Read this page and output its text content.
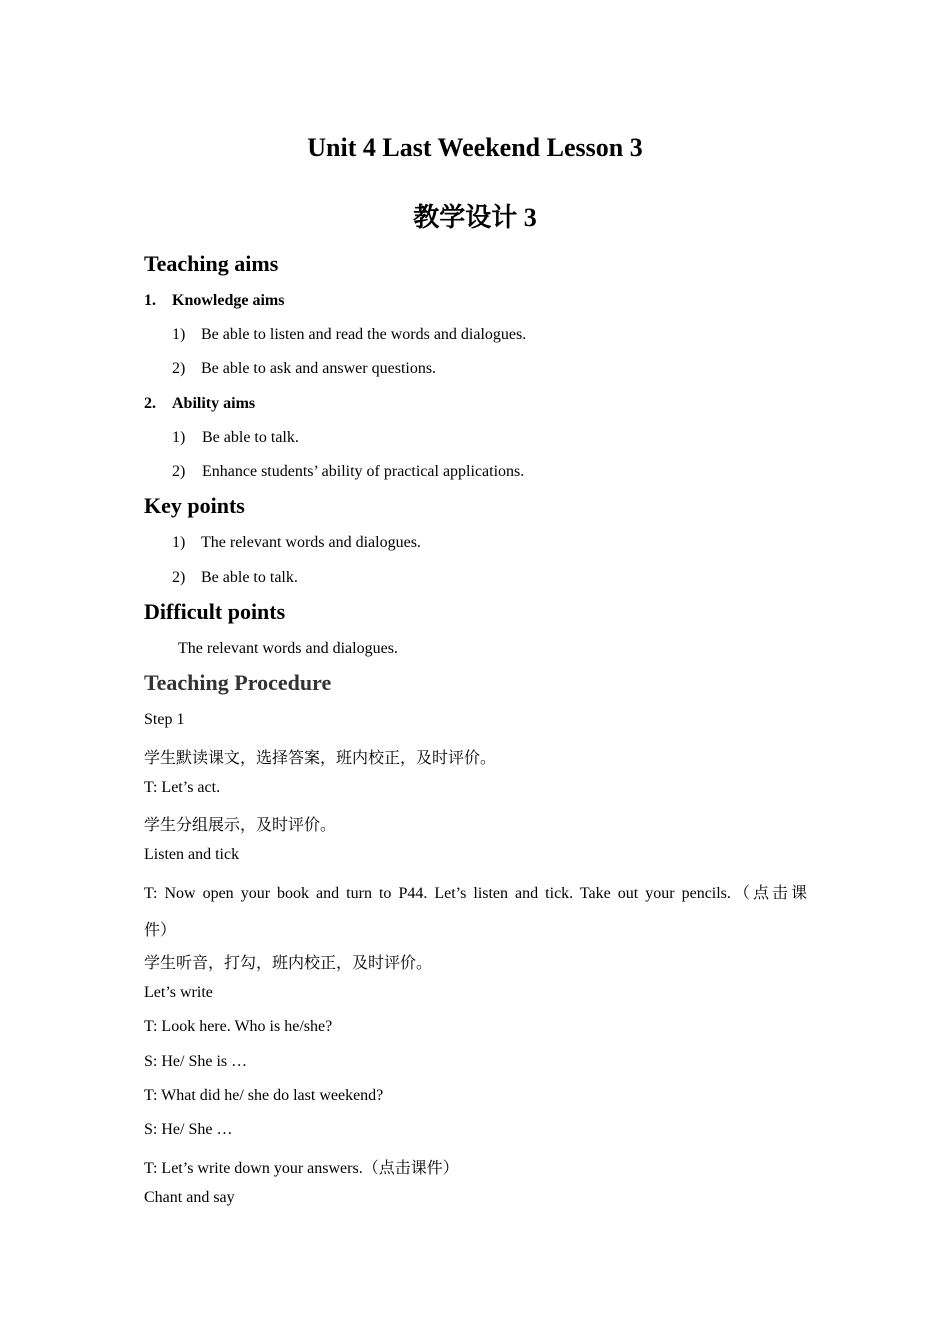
Unit 4 Last Weekend Lesson 3
教学设计 3
Teaching aims
1. Knowledge aims
1) Be able to listen and read the words and dialogues.
2) Be able to ask and answer questions.
2. Ability aims
1) Be able to talk.
2) Enhance students’ ability of practical applications.
Key points
1) The relevant words and dialogues.
2) Be able to talk.
Difficult points
The relevant words and dialogues.
Teaching Procedure
Step 1
学生默读课文，选择答案，班内校正，及时评价。
T: Let’s act.
学生分组展示，及时评价。
Listen and tick
T: Now open your book and turn to P44. Let’s listen and tick. Take out your pencils.（点击课
件）
学生听音，打勾，班内校正，及时评价。
Let’s write
T: Look here. Who is he/she?
S: He/ She is …
T: What did he/ she do last weekend?
S: He/ She …
T: Let’s write down your answers.（点击课件）
Chant and say
